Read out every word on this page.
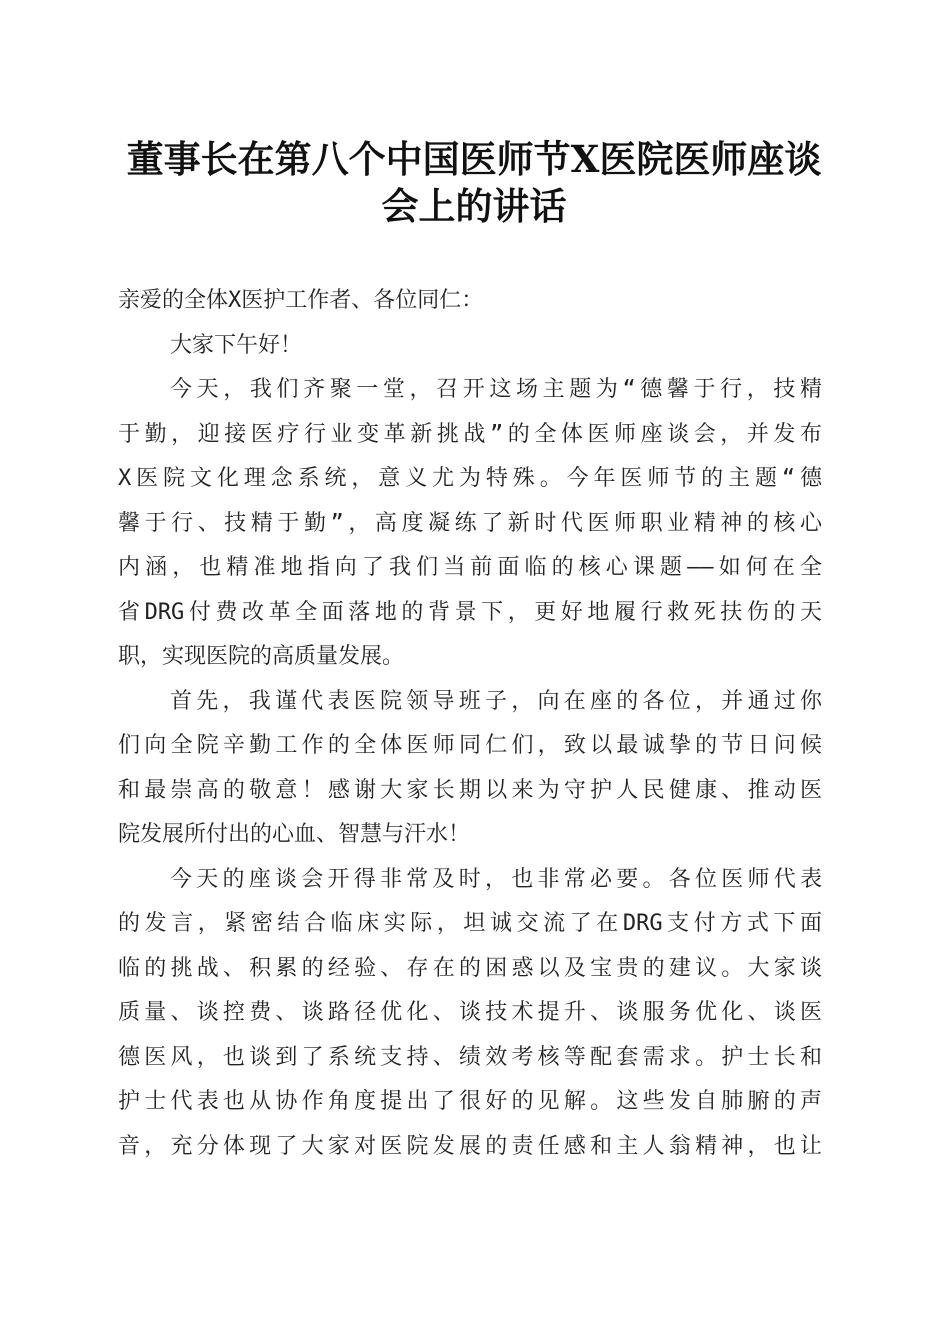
董事长在第八个中国医师节X医院医师座谈
会上的讲话
亲爱的全体X医护工作者、各位同仁：
大家下午好！
今天，我们齐聚一堂，召开这场主题为“德馨于行，技精
于勤，迎接医疗行业变革新挑战”的全体医师座谈会，并发布
X医院文化理念系统，意义尤为特殊。今年医师节的主题“德
馨于行、技精于勤”，高度凝练了新时代医师职业精神的核心
内涵，也精准地指向了我们当前面临的核心课题——如何在全
省DRG付费改革全面落地的背景下，更好地履行救死扶伤的天
职，实现医院的高质量发展。
首先，我谨代表医院领导班子，向在座的各位，并通过你
们向全院辛勤工作的全体医师同仁们，致以最诚挚的节日问候
和最崇高的敬意！感谢大家长期以来为守护人民健康、推动医
院发展所付出的心血、智慧与汗水！
今天的座谈会开得非常及时，也非常必要。各位医师代表
的发言，紧密结合临床实际，坦诚交流了在DRG支付方式下面
临的挑战、积累的经验、存在的困惑以及宝贵的建议。大家谈
质量、谈控费、谈路径优化、谈技术提升、谈服务优化、谈医
德医风，也谈到了系统支持、绩效考核等配套需求。护士长和
护士代表也从协作角度提出了很好的见解。这些发自肺腑的声
音，充分体现了大家对医院发展的责任感和主人翁精神，也让
